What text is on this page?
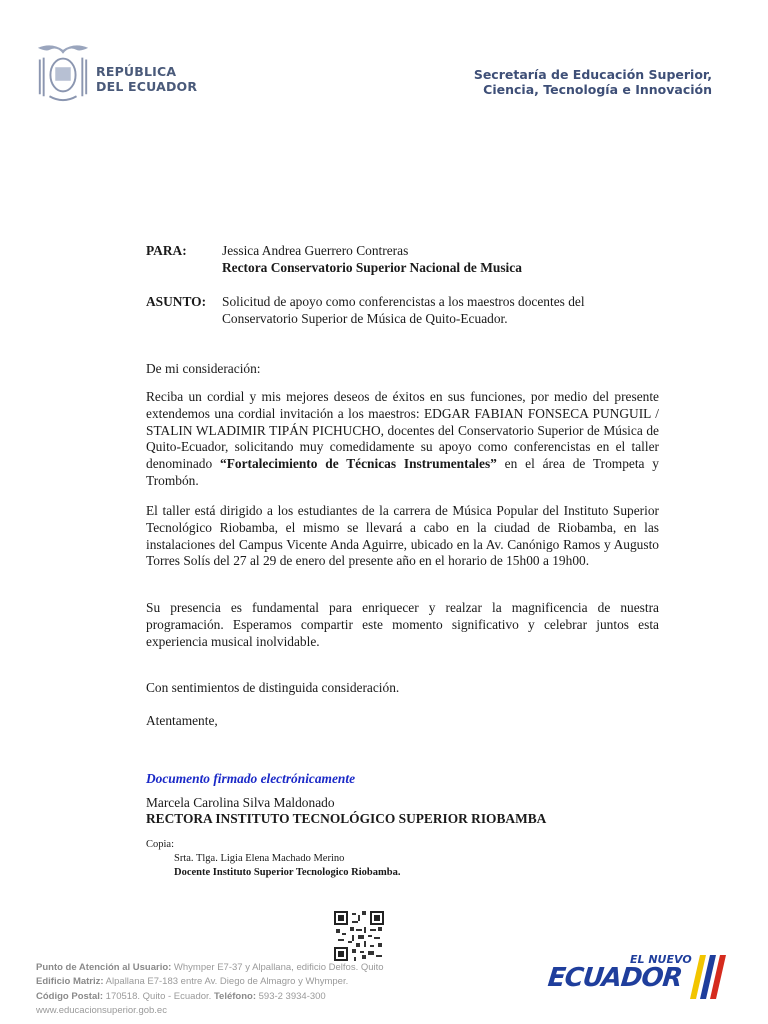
REPÚBLICA
DEL ECUADOR
Secretaría de Educación Superior,
Ciencia, Tecnología e Innovación
PARA:	Jessica Andrea Guerrero Contreras
Rectora Conservatorio Superior Nacional de Musica
ASUNTO: Solicitud de apoyo como conferencistas a los maestros docentes del
Conservatorio Superior de Música de Quito-Ecuador.
De mi consideración:
Reciba un cordial y mis mejores deseos de éxitos en sus funciones, por medio del presente extendemos una cordial invitación a los maestros: EDGAR FABIAN FONSECA PUNGUIL / STALIN WLADIMIR TIPÁN PICHUCHO, docentes del Conservatorio Superior de Música de Quito-Ecuador, solicitando muy comedidamente su apoyo como conferencistas en el taller denominado “Fortalecimiento de Técnicas Instrumentales” en el área de Trompeta y Trombón.
El taller está dirigido a los estudiantes de la carrera de Música Popular del Instituto Superior Tecnológico Riobamba, el mismo se llevará a cabo en la ciudad de Riobamba, en las instalaciones del Campus Vicente Anda Aguirre, ubicado en la Av. Canónigo Ramos y Augusto Torres Solís del 27 al 29 de enero del presente año en el horario de 15h00 a 19h00.
Su presencia es fundamental para enriquecer y realzar la magnificencia de nuestra programación. Esperamos compartir este momento significativo y celebrar juntos esta experiencia musical inolvidable.
Con sentimientos de distinguida consideración.
Atentamente,
Documento firmado electrónicamente
Marcela Carolina Silva Maldonado
RECTORA INSTITUTO TECNOLÓGICO SUPERIOR RIOBAMBA
Copia:
Srta. Tlga. Ligia Elena Machado Merino
Docente Instituto Superior Tecnologico Riobamba.
Punto de Atención al Usuario: Whymper E7-37 y Alpallana, edificio Delfos. Quito
Edificio Matriz: Alpallana E7-183 entre Av. Diego de Almagro y Whymper.
Código Postal: 170518. Quito - Ecuador. Teléfono: 593-2 3934-300
www.educacionsuperior.gob.ec
EL NUEVO
ECUADOR
